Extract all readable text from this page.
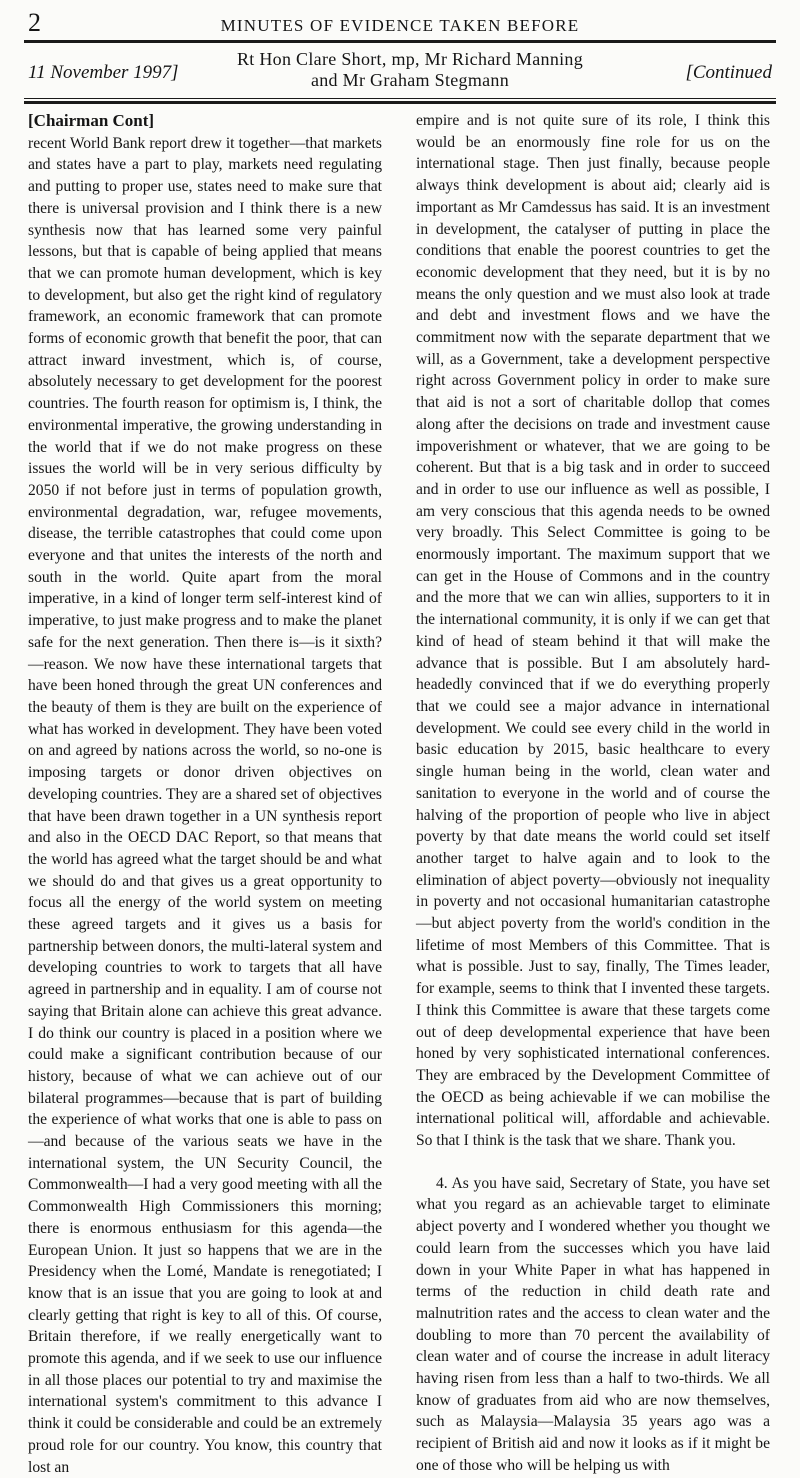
2	MINUTES OF EVIDENCE TAKEN BEFORE
11 November 1997]
Rt Hon Clare Short, mp, Mr Richard Manning
and Mr Graham Stegmann	[Continued
[Chairman Cont]

recent World Bank report drew it together—that markets and states have a part to play, markets need regulating and putting to proper use, states need to make sure that there is universal provision and I think there is a new synthesis now that has learned some very painful lessons, but that is capable of being applied that means that we can promote human development, which is key to development, but also get the right kind of regulatory framework, an economic framework that can promote forms of economic growth that benefit the poor, that can attract inward investment, which is, of course, absolutely necessary to get development for the poorest countries. The fourth reason for optimism is, I think, the environmental imperative, the growing understanding in the world that if we do not make progress on these issues the world will be in very serious difficulty by 2050 if not before just in terms of population growth, environmental degradation, war, refugee movements, disease, the terrible catastrophes that could come upon everyone and that unites the interests of the north and south in the world. Quite apart from the moral imperative, in a kind of longer term self-interest kind of imperative, to just make progress and to make the planet safe for the next generation. Then there is—is it sixth?—reason. We now have these international targets that have been honed through the great UN conferences and the beauty of them is they are built on the experience of what has worked in development. They have been voted on and agreed by nations across the world, so no-one is imposing targets or donor driven objectives on developing countries. They are a shared set of objectives that have been drawn together in a UN synthesis report and also in the OECD DAC Report, so that means that the world has agreed what the target should be and what we should do and that gives us a great opportunity to focus all the energy of the world system on meeting these agreed targets and it gives us a basis for partnership between donors, the multi-lateral system and developing countries to work to targets that all have agreed in partnership and in equality. I am of course not saying that Britain alone can achieve this great advance. I do think our country is placed in a position where we could make a significant contribution because of our history, because of what we can achieve out of our bilateral programmes—because that is part of building the experience of what works that one is able to pass on—and because of the various seats we have in the international system, the UN Security Council, the Commonwealth—I had a very good meeting with all the Commonwealth High Commissioners this morning; there is enormous enthusiasm for this agenda—the European Union. It just so happens that we are in the Presidency when the Lomé, Mandate is renegotiated; I know that is an issue that you are going to look at and clearly getting that right is key to all of this. Of course, Britain therefore, if we really energetically want to promote this agenda, and if we seek to use our influence in all those places our potential to try and maximise the international system's commitment to this advance I think it could be considerable and could be an extremely proud role for our country. You know, this country that lost an

empire and is not quite sure of its role, I think this would be an enormously fine role for us on the international stage. Then just finally, because people always think development is about aid; clearly aid is important as Mr Camdessus has said. It is an investment in development, the catalyser of putting in place the conditions that enable the poorest countries to get the economic development that they need, but it is by no means the only question and we must also look at trade and debt and investment flows and we have the commitment now with the separate department that we will, as a Government, take a development perspective right across Government policy in order to make sure that aid is not a sort of charitable dollop that comes along after the decisions on trade and investment cause impoverishment or whatever, that we are going to be coherent. But that is a big task and in order to succeed and in order to use our influence as well as possible, I am very conscious that this agenda needs to be owned very broadly. This Select Committee is going to be enormously important. The maximum support that we can get in the House of Commons and in the country and the more that we can win allies, supporters to it in the international community, it is only if we can get that kind of head of steam behind it that will make the advance that is possible. But I am absolutely hard-headedly convinced that if we do everything properly that we could see a major advance in international development. We could see every child in the world in basic education by 2015, basic healthcare to every single human being in the world, clean water and sanitation to everyone in the world and of course the halving of the proportion of people who live in abject poverty by that date means the world could set itself another target to halve again and to look to the elimination of abject poverty—obviously not inequality in poverty and not occasional humanitarian catastrophe—but abject poverty from the world's condition in the lifetime of most Members of this Committee. That is what is possible. Just to say, finally, The Times leader, for example, seems to think that I invented these targets. I think this Committee is aware that these targets come out of deep developmental experience that have been honed by very sophisticated international conferences. They are embraced by the Development Committee of the OECD as being achievable if we can mobilise the international political will, affordable and achievable. So that I think is the task that we share. Thank you.

4. As you have said, Secretary of State, you have set what you regard as an achievable target to eliminate abject poverty and I wondered whether you thought we could learn from the successes which you have laid down in your White Paper in what has happened in terms of the reduction in child death rate and malnutrition rates and the access to clean water and the doubling to more than 70 percent the availability of clean water and of course the increase in adult literacy having risen from less than a half to two-thirds. We all know of graduates from aid who are now themselves, such as Malaysia—Malaysia 35 years ago was a recipient of British aid and now it looks as if it might be one of those who will be helping us with
